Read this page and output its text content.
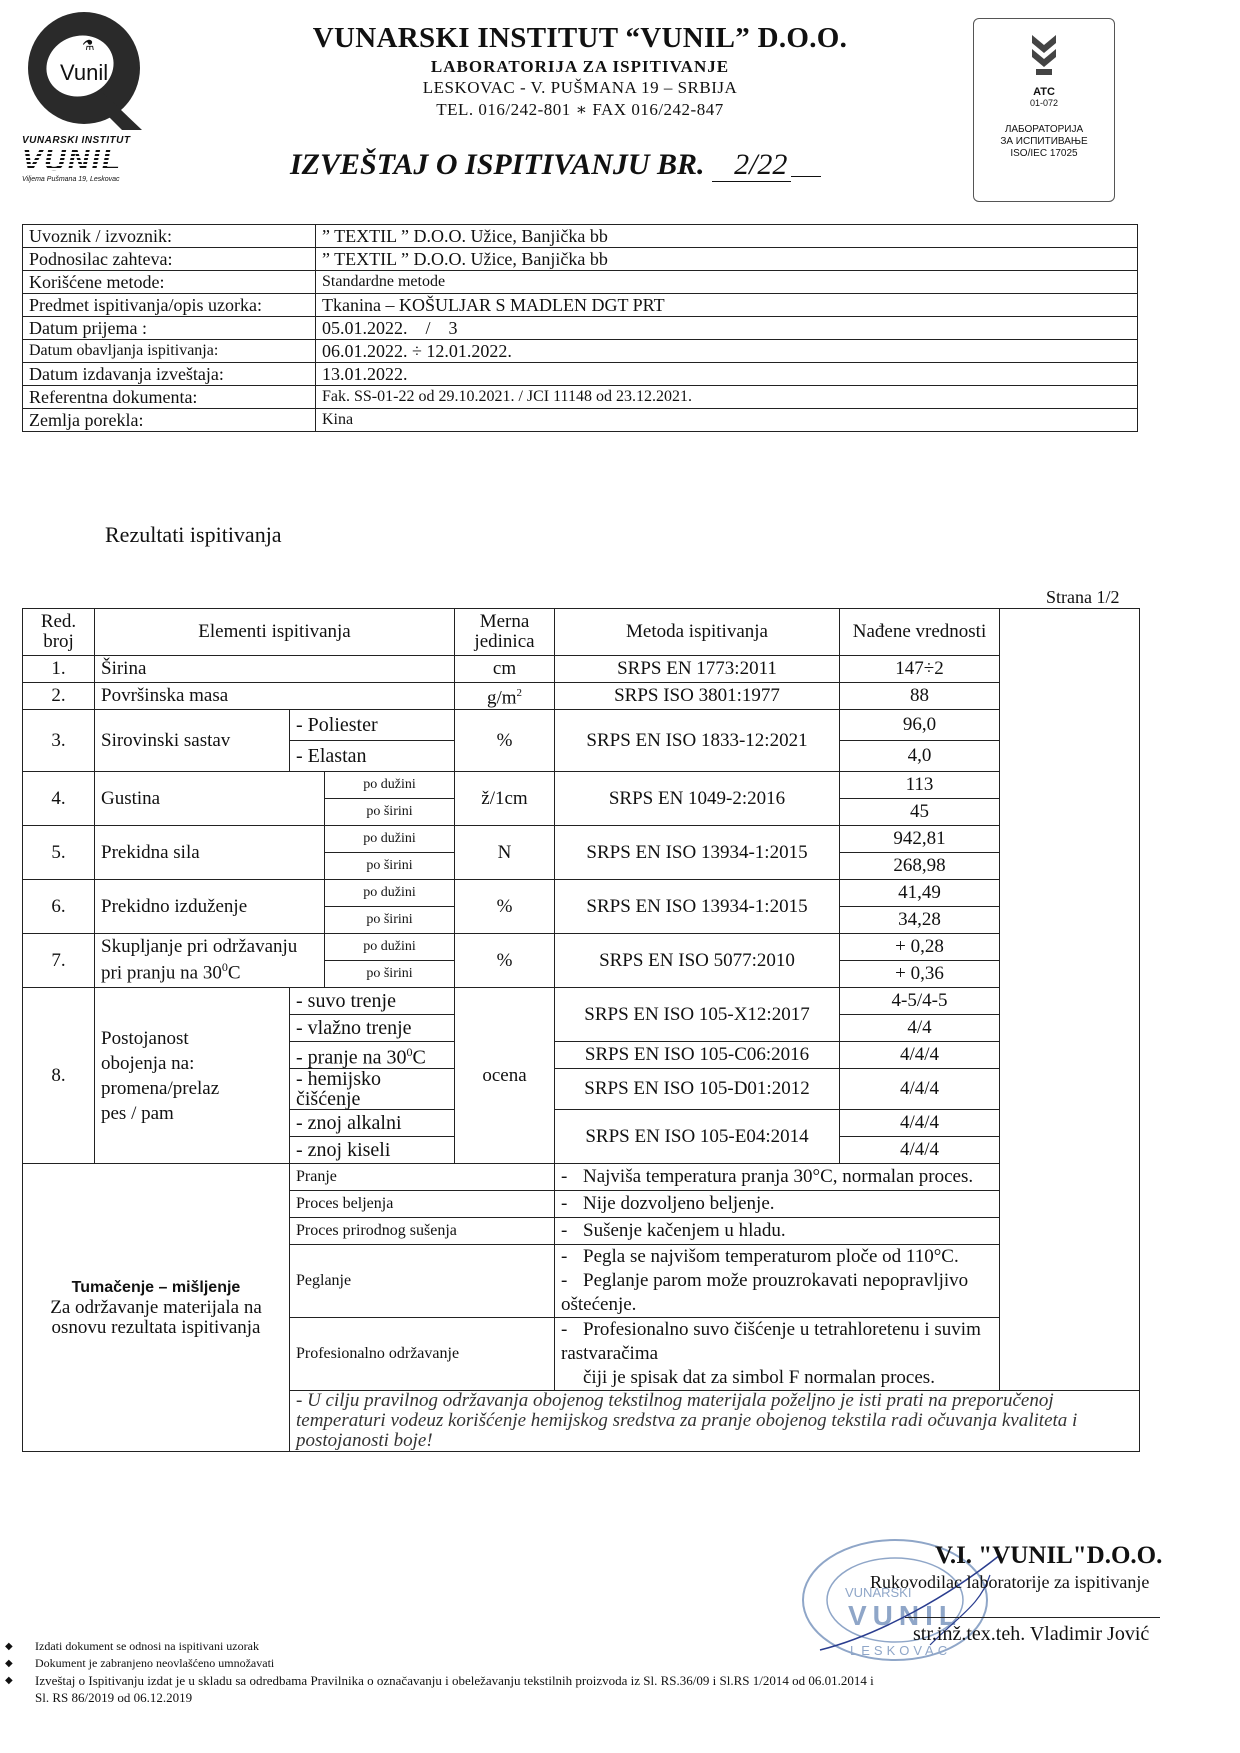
Vunil
⚗
VUNARSKI INSTITUT
VUNIL
Viljema Pušmana 19, Leskovac
VUNARSKI INSTITUT “VUNIL” D.O.O.
LABORATORIJA ZA ISPITIVANJE
LESKOVAC - V. PUŠMANA 19 – SRBIJA
TEL. 016/242-801 ∗ FAX 016/242-847
IZVEŠTAJ O ISPITIVANJU BR. 2/22
ATC
01-072
ЛАБОРАТОРИЈА
ЗА ИСПИТИВАЊЕ
ISO/IEC 17025
Uvoznik / izvoznik:	” TEXTIL ” D.O.O. Užice, Banjička bb
Podnosilac zahteva:	” TEXTIL ” D.O.O. Užice, Banjička bb
Korišćene metode:	Standardne metode
Predmet ispitivanja/opis uzorka:	Tkanina – KOŠULJAR S MADLEN DGT PRT
Datum prijema :	05.01.2022.    /    3
Datum obavljanja ispitivanja:	06.01.2022. ÷ 12.01.2022.
Datum izdavanja izveštaja:	13.01.2022.
Referentna dokumenta:	Fak. SS-01-22 od 29.10.2021. / JCI 11148 od 23.12.2021.
Zemlja porekla:	Kina
Rezultati ispitivanja
Strana 1/2
Red. broj	Elementi ispitivanja			Merna jedinica	Metoda ispitivanja	Nađene vrednosti
1.	Širina			cm	SRPS EN 1773:2011	147÷2
2.	Površinska masa			$g/m^2$	SRPS ISO 3801:1977	88
3.	Sirovinski sastav	- Poliester		%	SRPS EN ISO 1833-12:2021	96,0
		- Elastan				4,0
4.	Gustina		po dužini	ž/1cm	SRPS EN 1049-2:2016	113
			po širini			45
5.	Prekidna sila		po dužini	N	SRPS EN ISO 13934-1:2015	942,81
			po širini			268,98
6.	Prekidno izduženje		po dužini	%	SRPS EN ISO 13934-1:2015	41,49
			po širini			34,28
7.	Skupljanje pri održavanju
pri pranju na $30^0C$		po dužini	%	SRPS EN ISO 5077:2010	+ 0,28
			po širini			+ 0,36
8.	Postojanost
obojenja na:
promena/prelaz
pes / pam	- suvo trenje		ocena	SRPS EN ISO 105-X12:2017	4-5/4-5
		- vlažno trenje				4/4
		- pranje na $30^0C$			SRPS EN ISO 105-C06:2016	4/4/4
		- hemijsko čišćenje			SRPS EN ISO 105-D01:2012	4/4/4
		- znoj alkalni			SRPS EN ISO 105-E04:2014	4/4/4
		- znoj kiseli				4/4/4
Tumačenje – mišljenje
Za održavanje materijala na osnovu rezultata ispitivanja		Pranje			- Najviša temperatura pranja 30°C, normalan proces.	
		Proces beljenja			- Nije dozvoljeno beljenje.	
		Proces prirodnog sušenja			- Sušenje kačenjem u hladu.	
		Peglanje			- Pegla se najvišom temperaturom ploče od 110°C.
- Peglanje parom može prouzrokavati nepopravljivo oštećenje.	

		Profesionalno održavanje			- Profesionalno suvo čišćenje u tetrahloretenu i suvim rastvaračima
čiji je spisak dat za simbol F normalan proces.	

		- U cilju pravilnog održavanja obojenog tekstilnog materijala poželjno je isti prati na preporučenoj temperaturi vodeuz korišćenje hemijskog sredstva za pranje obojenog tekstila radi očuvanja kvaliteta i postojanosti boje!				
VUNARSKI
VUNIL
LESKOVAC
V.I. "VUNIL"D.O.O.
Rukovodilac laboratorije za ispitivanje
str.inž.tex.teh. Vladimir Jović
◆ Izdati dokument se odnosi na ispitivani uzorak
◆ Dokument je zabranjeno neovlašćeno umnožavati
◆ Izveštaj o Ispitivanju izdat je u skladu sa odredbama Pravilnika o označavanju i obeležavanju tekstilnih proizvoda iz Sl. RS.36/09 i Sl.RS 1/2014 od 06.01.2014 i
Sl. RS 86/2019 od 06.12.2019
